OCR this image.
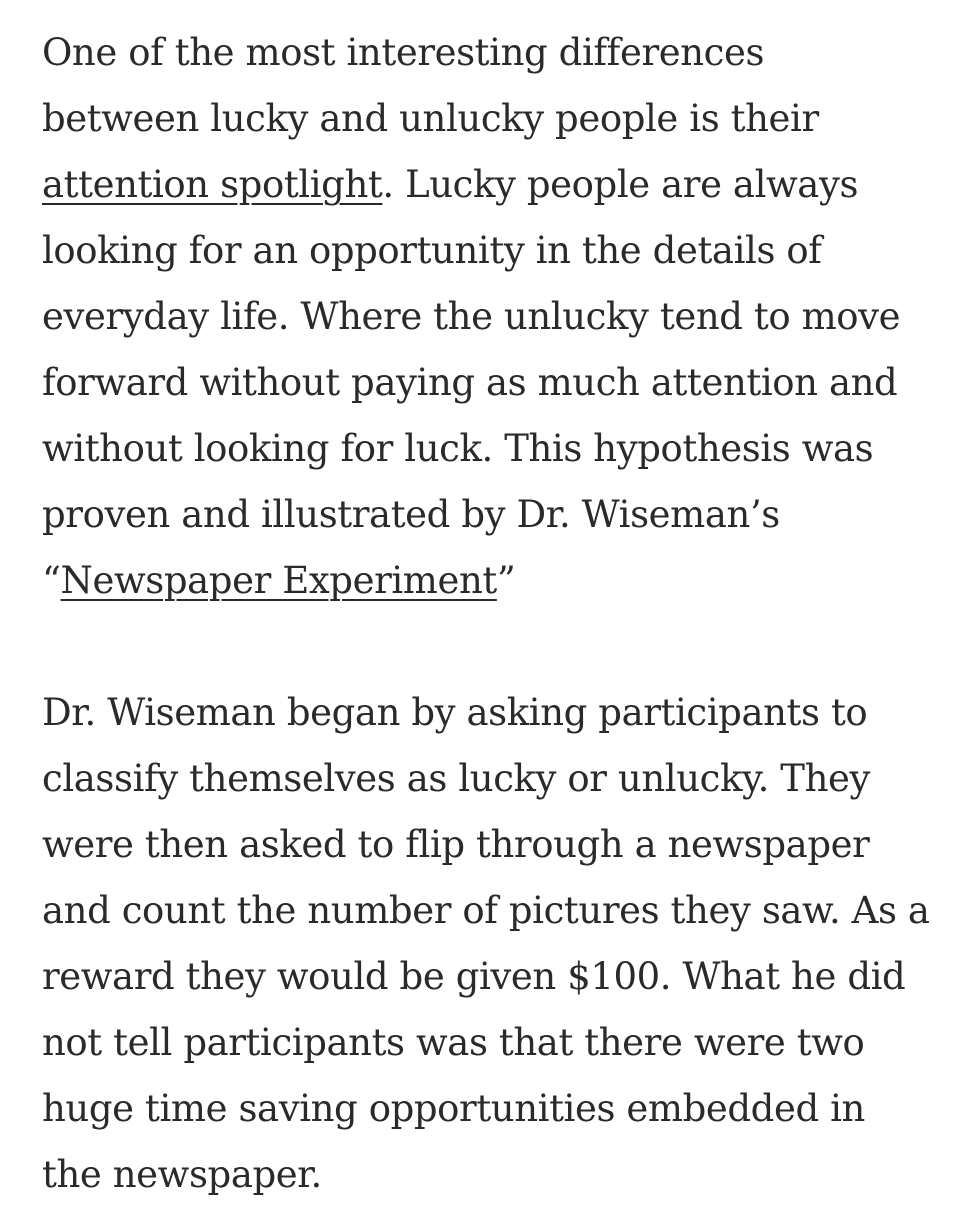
One of the most interesting differences between lucky and unlucky people is their attention spotlight. Lucky people are always looking for an opportunity in the details of everyday life. Where the unlucky tend to move forward without paying as much attention and without looking for luck. This hypothesis was proven and illustrated by Dr. Wiseman’s “Newspaper Experiment”

Dr. Wiseman began by asking participants to classify themselves as lucky or unlucky. They were then asked to flip through a newspaper and count the number of pictures they saw. As a reward they would be given $100. What he did not tell participants was that there were two huge time saving opportunities embedded in the newspaper.
